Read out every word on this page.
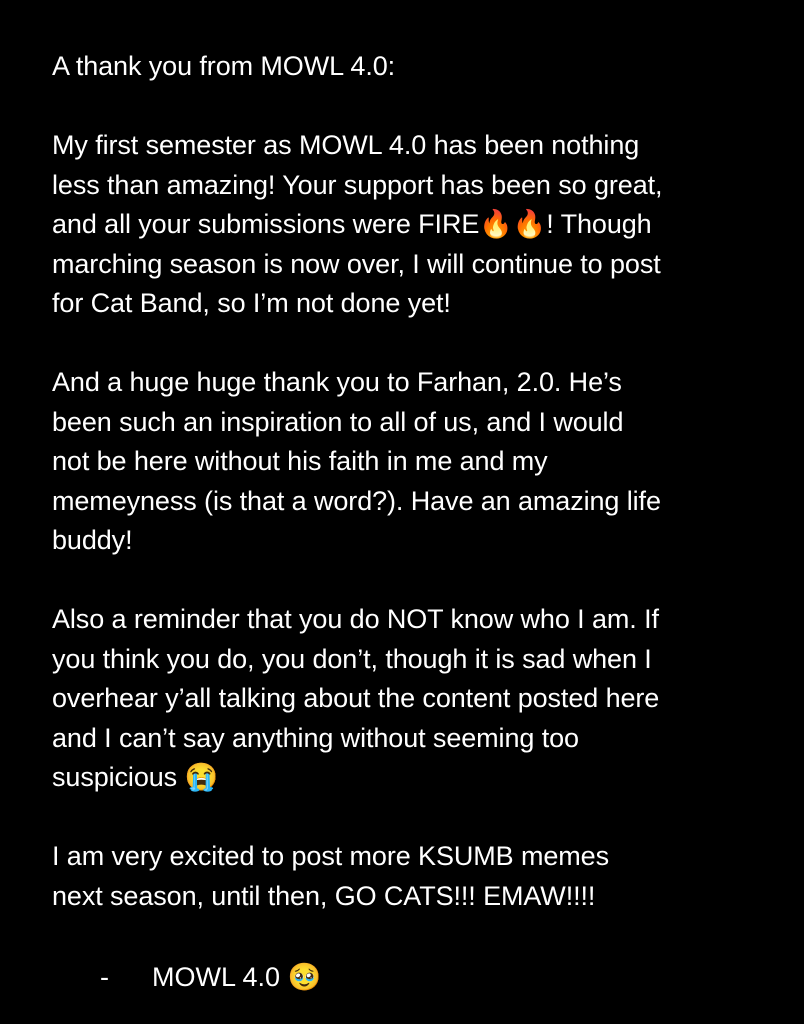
A thank you from MOWL 4.0:
My first semester as MOWL 4.0 has been nothing
less than amazing! Your support has been so great,
and all your submissions were FIRE🔥🔥! Though
marching season is now over, I will continue to post
for Cat Band, so I’m not done yet!
And a huge huge thank you to Farhan, 2.0. He’s
been such an inspiration to all of us, and I would
not be here without his faith in me and my
memeyness (is that a word?). Have an amazing life
buddy!
Also a reminder that you do NOT know who I am. If
you think you do, you don’t, though it is sad when I
overhear y’all talking about the content posted here
and I can’t say anything without seeming too
suspicious 😭
I am very excited to post more KSUMB memes
next season, until then, GO CATS!!! EMAW!!!!
- MOWL 4.0 🥹
